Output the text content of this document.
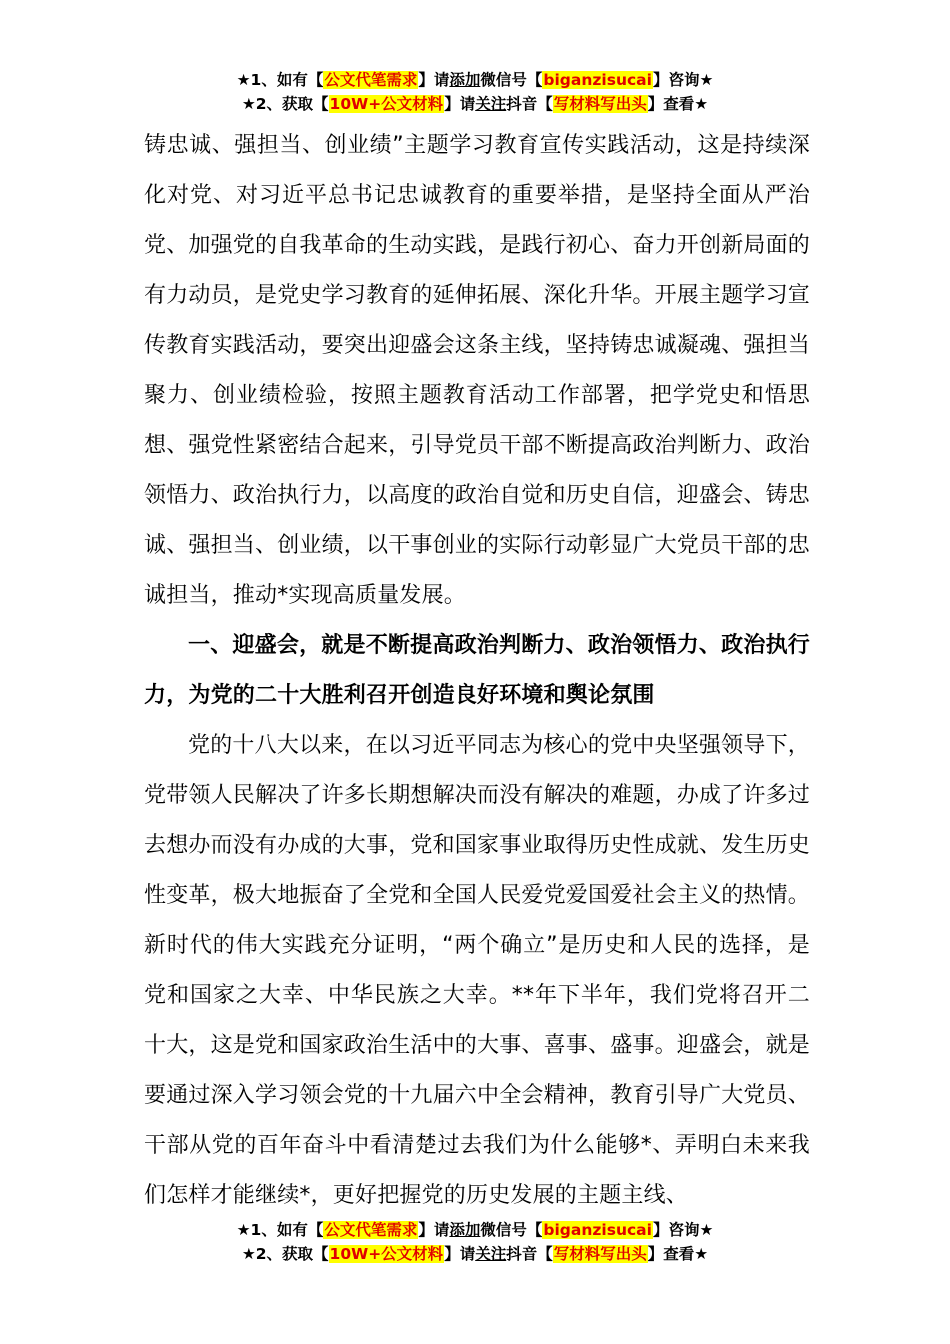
★1、如有【公文代笔需求】请添加微信号【biganzisucai】咨询★
★2、获取【10W+公文材料】请关注抖音【写材料写出头】查看★

铸忠诚、强担当、创业绩”主题学习教育宣传实践活动，这是持续深化对党、对习近平总书记忠诚教育的重要举措，是坚持全面从严治党、加强党的自我革命的生动实践，是践行初心、奋力开创新局面的有力动员，是党史学习教育的延伸拓展、深化升华。开展主题学习宣传教育实践活动，要突出迎盛会这条主线，坚持铸忠诚凝魂、强担当聚力、创业绩检验，按照主题教育活动工作部署，把学党史和悟思想、强党性紧密结合起来，引导党员干部不断提高政治判断力、政治领悟力、政治执行力，以高度的政治自觉和历史自信，迎盛会、铸忠诚、强担当、创业绩，以干事创业的实际行动彰显广大党员干部的忠诚担当，推动*实现高质量发展。

一、迎盛会，就是不断提高政治判断力、政治领悟力、政治执行力，为党的二十大胜利召开创造良好环境和舆论氛围

党的十八大以来，在以习近平同志为核心的党中央坚强领导下，党带领人民解决了许多长期想解决而没有解决的难题，办成了许多过去想办而没有办成的大事，党和国家事业取得历史性成就、发生历史性变革，极大地振奋了全党和全国人民爱党爱国爱社会主义的热情。新时代的伟大实践充分证明，“两个确立”是历史和人民的选择，是党和国家之大幸、中华民族之大幸。**年下半年，我们党将召开二十大，这是党和国家政治生活中的大事、喜事、盛事。迎盛会，就是要通过深入学习领会党的十九届六中全会精神，教育引导广大党员、干部从党的百年奋斗中看清楚过去我们为什么能够*、弄明白未来我们怎样才能继续*，更好把握党的历史发展的主题主线、

★1、如有【公文代笔需求】请添加微信号【biganzisucai】咨询★
★2、获取【10W+公文材料】请关注抖音【写材料写出头】查看★
